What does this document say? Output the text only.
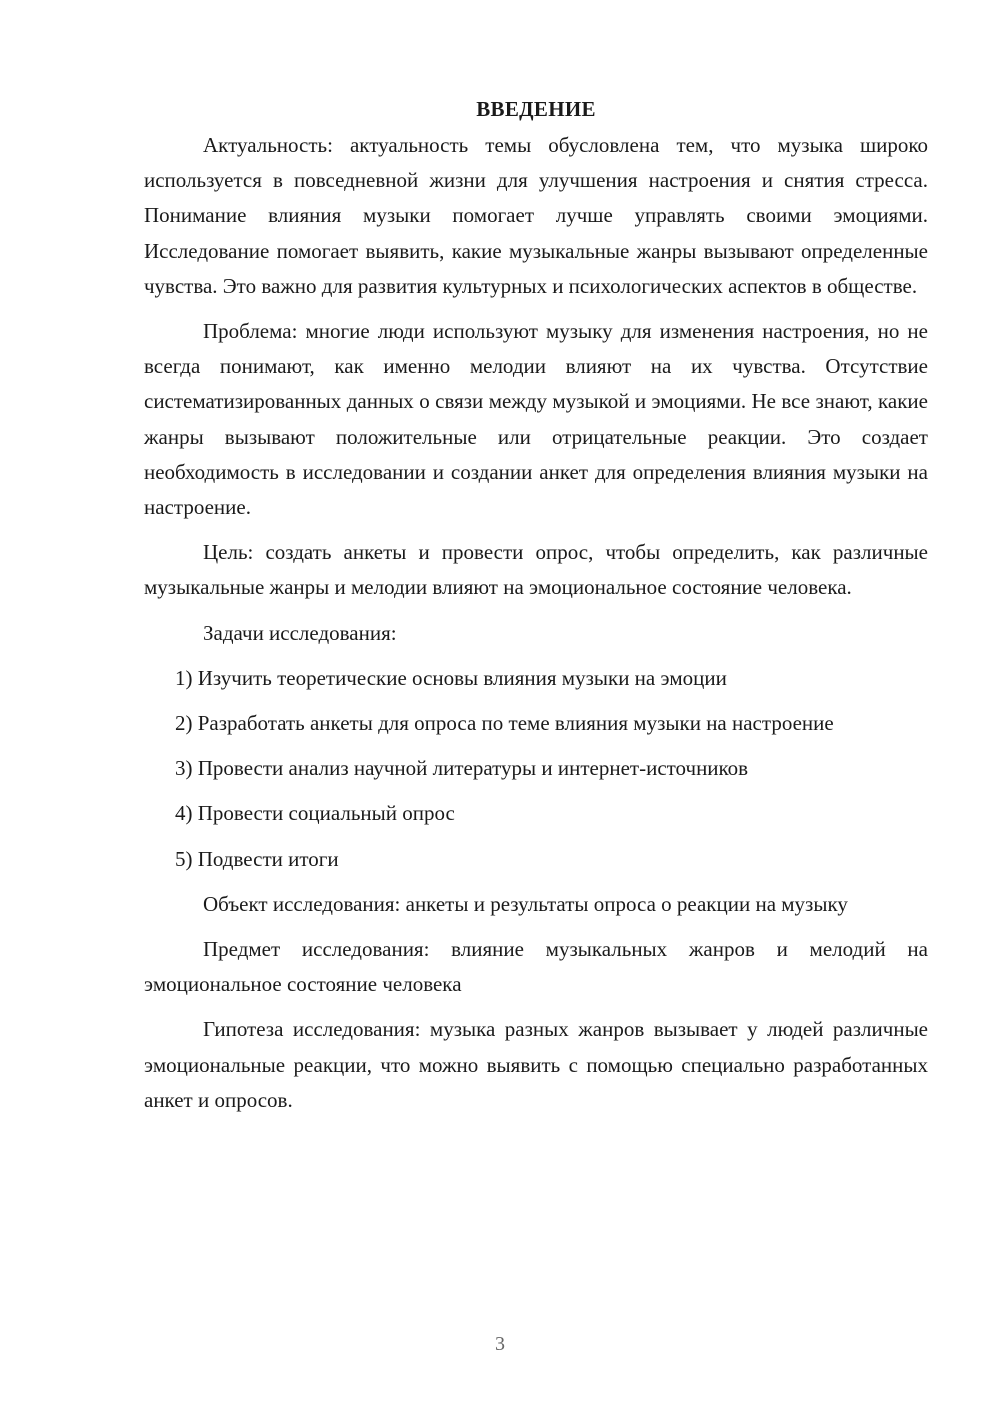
ВВЕДЕНИЕ

Актуальность: актуальность темы обусловлена тем, что музыка широко используется в повседневной жизни для улучшения настроения и снятия стресса. Понимание влияния музыки помогает лучше управлять своими эмоциями. Исследование помогает выявить, какие музыкальные жанры вызывают определенные чувства. Это важно для развития культурных и психологических аспектов в обществе.

Проблема: многие люди используют музыку для изменения настроения, но не всегда понимают, как именно мелодии влияют на их чувства. Отсутствие систематизированных данных о связи между музыкой и эмоциями. Не все знают, какие жанры вызывают положительные или отрицательные реакции. Это создает необходимость в исследовании и создании анкет для определения влияния музыки на настроение.

Цель: создать анкеты и провести опрос, чтобы определить, как различные музыкальные жанры и мелодии влияют на эмоциональное состояние человека.

Задачи исследования:

1) Изучить теоретические основы влияния музыки на эмоции

2) Разработать анкеты для опроса по теме влияния музыки на настроение

3) Провести анализ научной литературы и интернет-источников

4) Провести социальный опрос

5) Подвести итоги

Объект исследования: анкеты и результаты опроса о реакции на музыку

Предмет исследования: влияние музыкальных жанров и мелодий на эмоциональное состояние человека

Гипотеза исследования: музыка разных жанров вызывает у людей различные эмоциональные реакции, что можно выявить с помощью специально разработанных анкет и опросов.

3
